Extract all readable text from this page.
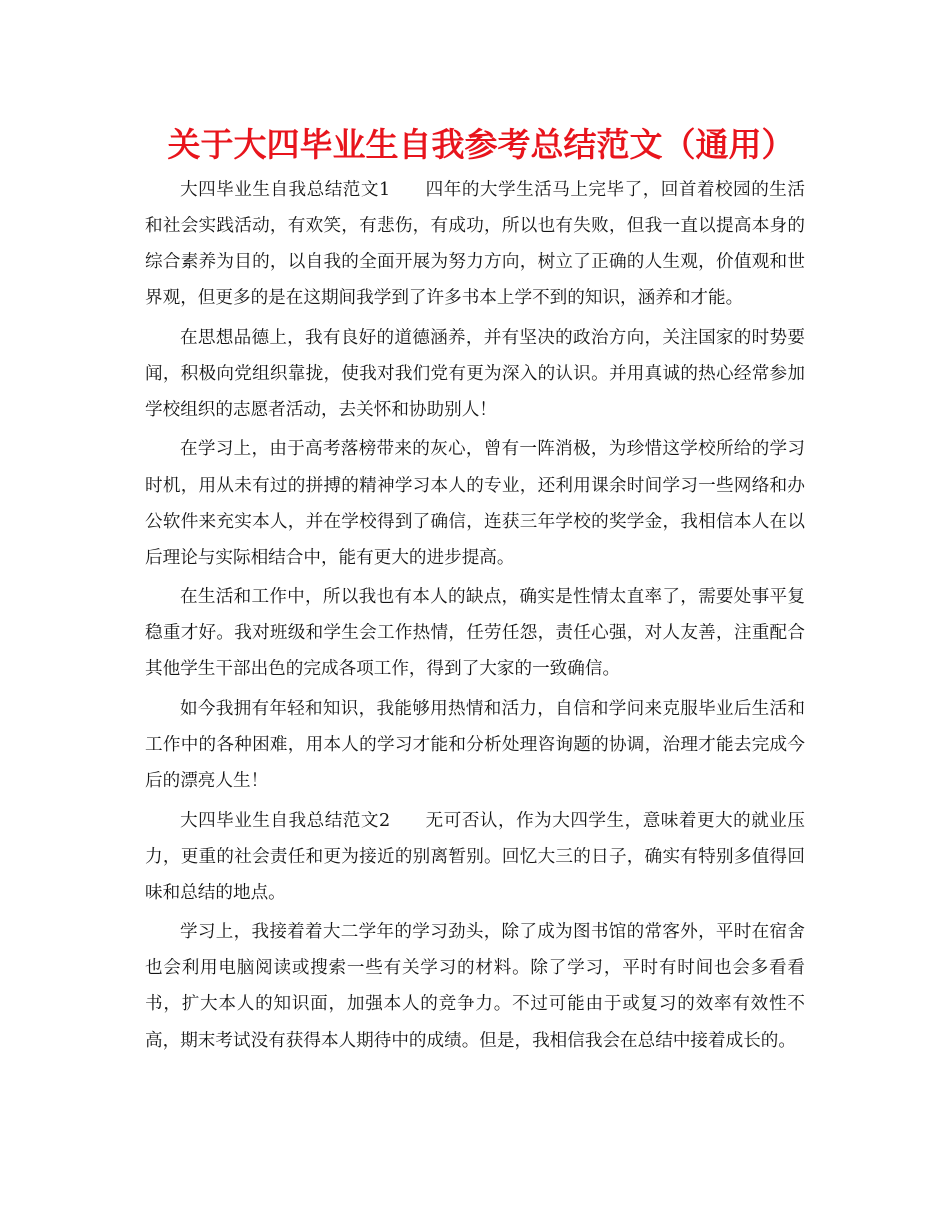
关于大四毕业生自我参考总结范文（通用）

大四毕业生自我总结范文1 四年的大学生活马上完毕了，回首着校园的生活和社会实践活动，有欢笑，有悲伤，有成功，所以也有失败，但我一直以提高本身的综合素养为目的，以自我的全面开展为努力方向，树立了正确的人生观，价值观和世界观，但更多的是在这期间我学到了许多书本上学不到的知识，涵养和才能。

在思想品德上，我有良好的道德涵养，并有坚决的政治方向，关注国家的时势要闻，积极向党组织靠拢，使我对我们党有更为深入的认识。并用真诚的热心经常参加学校组织的志愿者活动，去关怀和协助别人！

在学习上，由于高考落榜带来的灰心，曾有一阵消极，为珍惜这学校所给的学习时机，用从未有过的拼搏的精神学习本人的专业，还利用课余时间学习一些网络和办公软件来充实本人，并在学校得到了确信，连获三年学校的奖学金，我相信本人在以后理论与实际相结合中，能有更大的进步提高。

在生活和工作中，所以我也有本人的缺点，确实是性情太直率了，需要处事平复稳重才好。我对班级和学生会工作热情，任劳任怨，责任心强，对人友善，注重配合其他学生干部出色的完成各项工作，得到了大家的一致确信。

如今我拥有年轻和知识，我能够用热情和活力，自信和学问来克服毕业后生活和工作中的各种困难，用本人的学习才能和分析处理咨询题的协调，治理才能去完成今后的漂亮人生！

大四毕业生自我总结范文2 无可否认，作为大四学生，意味着更大的就业压力，更重的社会责任和更为接近的别离暂别。回忆大三的日子，确实有特别多值得回味和总结的地点。

学习上，我接着着大二学年的学习劲头，除了成为图书馆的常客外，平时在宿舍也会利用电脑阅读或搜索一些有关学习的材料。除了学习，平时有时间也会多看看书，扩大本人的知识面，加强本人的竞争力。不过可能由于或复习的效率有效性不高，期末考试没有获得本人期待中的成绩。但是，我相信我会在总结中接着成长的。
